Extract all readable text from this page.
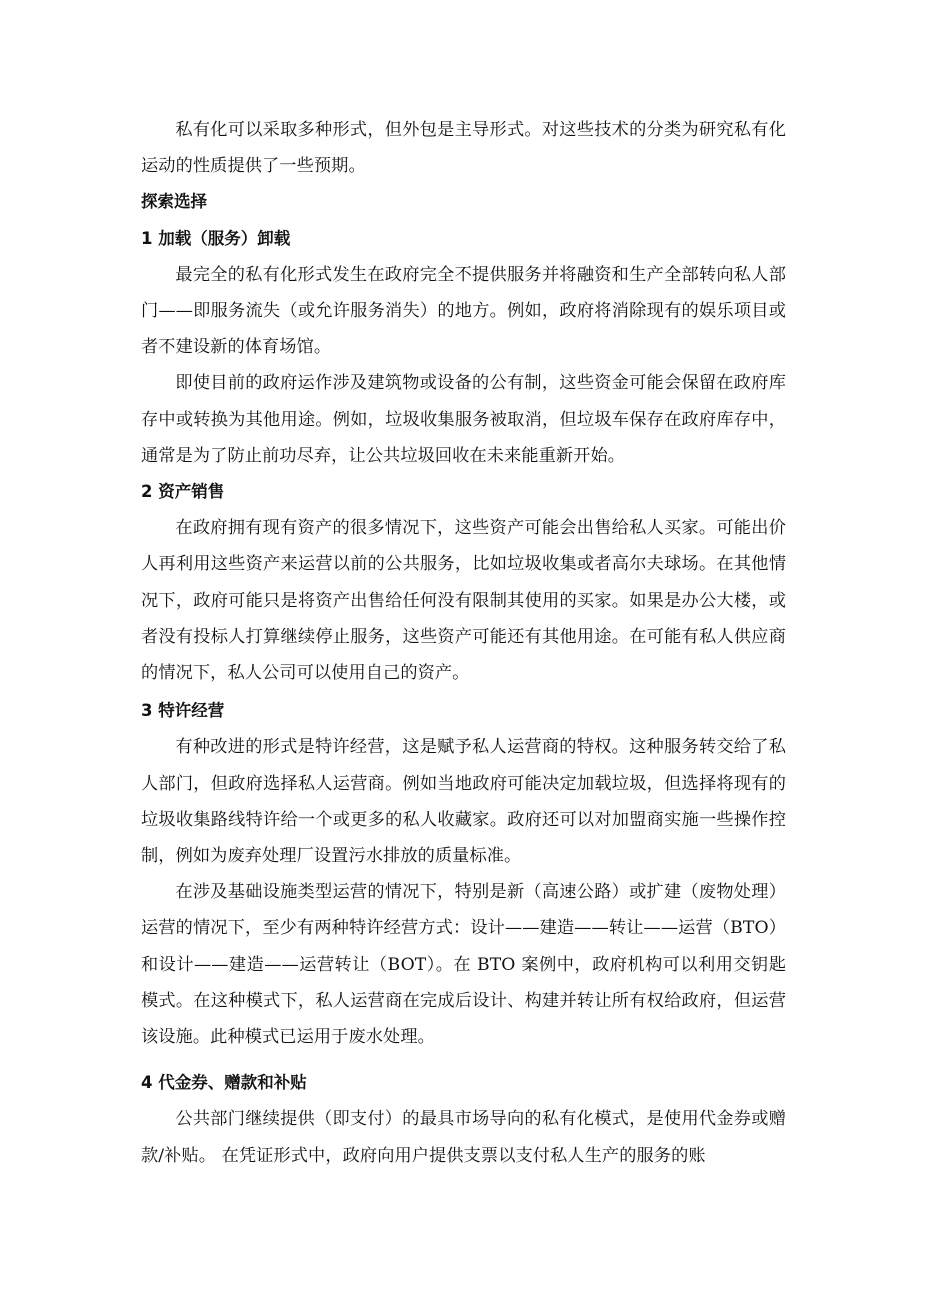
私有化可以采取多种形式，但外包是主导形式。对这些技术的分类为研究私有化运动的性质提供了一些预期。

探索选择
1 加载（服务）卸载

最完全的私有化形式发生在政府完全不提供服务并将融资和生产全部转向私人部门——即服务流失（或允许服务消失）的地方。例如，政府将消除现有的娱乐项目或者不建设新的体育场馆。

即使目前的政府运作涉及建筑物或设备的公有制，这些资金可能会保留在政府库存中或转换为其他用途。例如，垃圾收集服务被取消，但垃圾车保存在政府库存中，通常是为了防止前功尽弃，让公共垃圾回收在未来能重新开始。

2 资产销售

在政府拥有现有资产的很多情况下，这些资产可能会出售给私人买家。可能出价人再利用这些资产来运营以前的公共服务，比如垃圾收集或者高尔夫球场。在其他情况下，政府可能只是将资产出售给任何没有限制其使用的买家。如果是办公大楼，或者没有投标人打算继续停止服务，这些资产可能还有其他用途。在可能有私人供应商的情况下，私人公司可以使用自己的资产。

3 特许经营

有种改进的形式是特许经营，这是赋予私人运营商的特权。这种服务转交给了私人部门，但政府选择私人运营商。例如当地政府可能决定加载垃圾，但选择将现有的垃圾收集路线特许给一个或更多的私人收藏家。政府还可以对加盟商实施一些操作控制，例如为废弃处理厂设置污水排放的质量标准。

在涉及基础设施类型运营的情况下，特别是新（高速公路）或扩建（废物处理）运营的情况下，至少有两种特许经营方式：设计——建造——转让——运营（BTO）和设计——建造——运营转让（BOT）。在 BTO 案例中，政府机构可以利用交钥匙模式。在这种模式下，私人运营商在完成后设计、构建并转让所有权给政府，但运营该设施。此种模式已运用于废水处理。

4 代金券、赠款和补贴

公共部门继续提供（即支付）的最具市场导向的私有化模式，是使用代金券或赠款/补贴。 在凭证形式中，政府向用户提供支票以支付私人生产的服务的账
